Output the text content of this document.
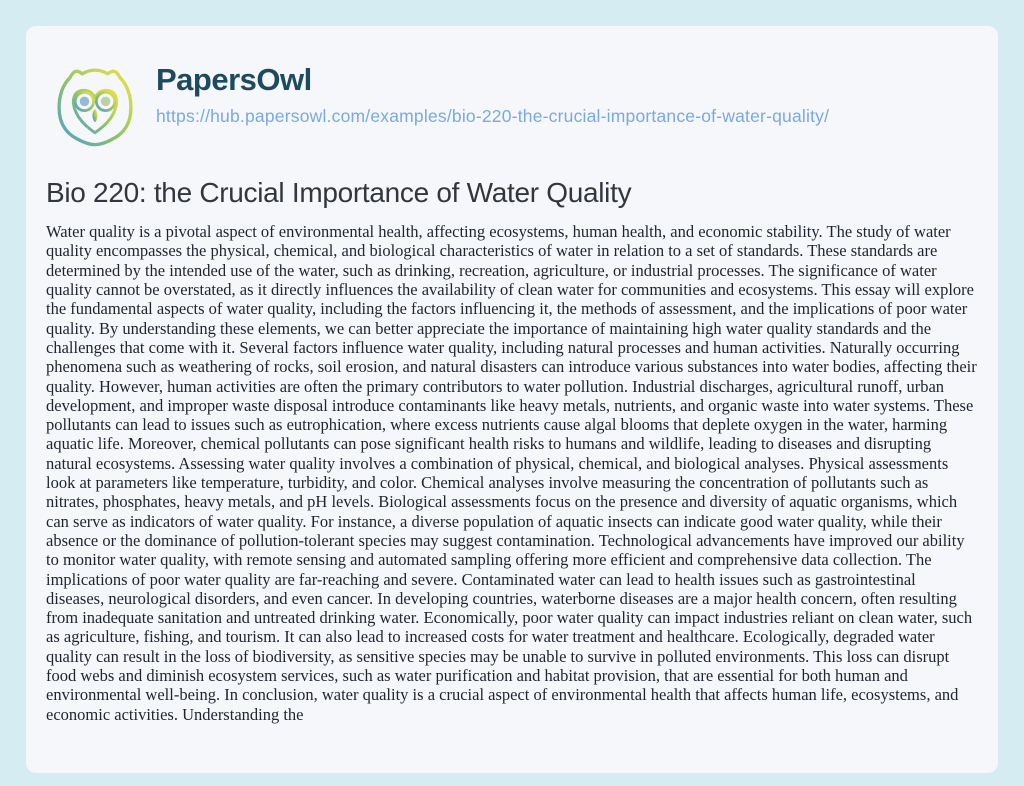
PapersOwl
https://hub.papersowl.com/examples/bio-220-the-crucial-importance-of-water-quality/
Bio 220: the Crucial Importance of Water Quality
Water quality is a pivotal aspect of environmental health, affecting ecosystems, human health, and economic stability. The study of water quality encompasses the physical, chemical, and biological characteristics of water in relation to a set of standards. These standards are determined by the intended use of the water, such as drinking, recreation, agriculture, or industrial processes. The significance of water quality cannot be overstated, as it directly influences the availability of clean water for communities and ecosystems. This essay will explore the fundamental aspects of water quality, including the factors influencing it, the methods of assessment, and the implications of poor water quality. By understanding these elements, we can better appreciate the importance of maintaining high water quality standards and the challenges that come with it. Several factors influence water quality, including natural processes and human activities. Naturally occurring phenomena such as weathering of rocks, soil erosion, and natural disasters can introduce various substances into water bodies, affecting their quality. However, human activities are often the primary contributors to water pollution. Industrial discharges, agricultural runoff, urban development, and improper waste disposal introduce contaminants like heavy metals, nutrients, and organic waste into water systems. These pollutants can lead to issues such as eutrophication, where excess nutrients cause algal blooms that deplete oxygen in the water, harming aquatic life. Moreover, chemical pollutants can pose significant health risks to humans and wildlife, leading to diseases and disrupting natural ecosystems. Assessing water quality involves a combination of physical, chemical, and biological analyses. Physical assessments look at parameters like temperature, turbidity, and color. Chemical analyses involve measuring the concentration of pollutants such as nitrates, phosphates, heavy metals, and pH levels. Biological assessments focus on the presence and diversity of aquatic organisms, which can serve as indicators of water quality. For instance, a diverse population of aquatic insects can indicate good water quality, while their absence or the dominance of pollution-tolerant species may suggest contamination. Technological advancements have improved our ability to monitor water quality, with remote sensing and automated sampling offering more efficient and comprehensive data collection. The implications of poor water quality are far-reaching and severe. Contaminated water can lead to health issues such as gastrointestinal diseases, neurological disorders, and even cancer. In developing countries, waterborne diseases are a major health concern, often resulting from inadequate sanitation and untreated drinking water. Economically, poor water quality can impact industries reliant on clean water, such as agriculture, fishing, and tourism. It can also lead to increased costs for water treatment and healthcare. Ecologically, degraded water quality can result in the loss of biodiversity, as sensitive species may be unable to survive in polluted environments. This loss can disrupt food webs and diminish ecosystem services, such as water purification and habitat provision, that are essential for both human and environmental well-being. In conclusion, water quality is a crucial aspect of environmental health that affects human life, ecosystems, and economic activities. Understanding the
